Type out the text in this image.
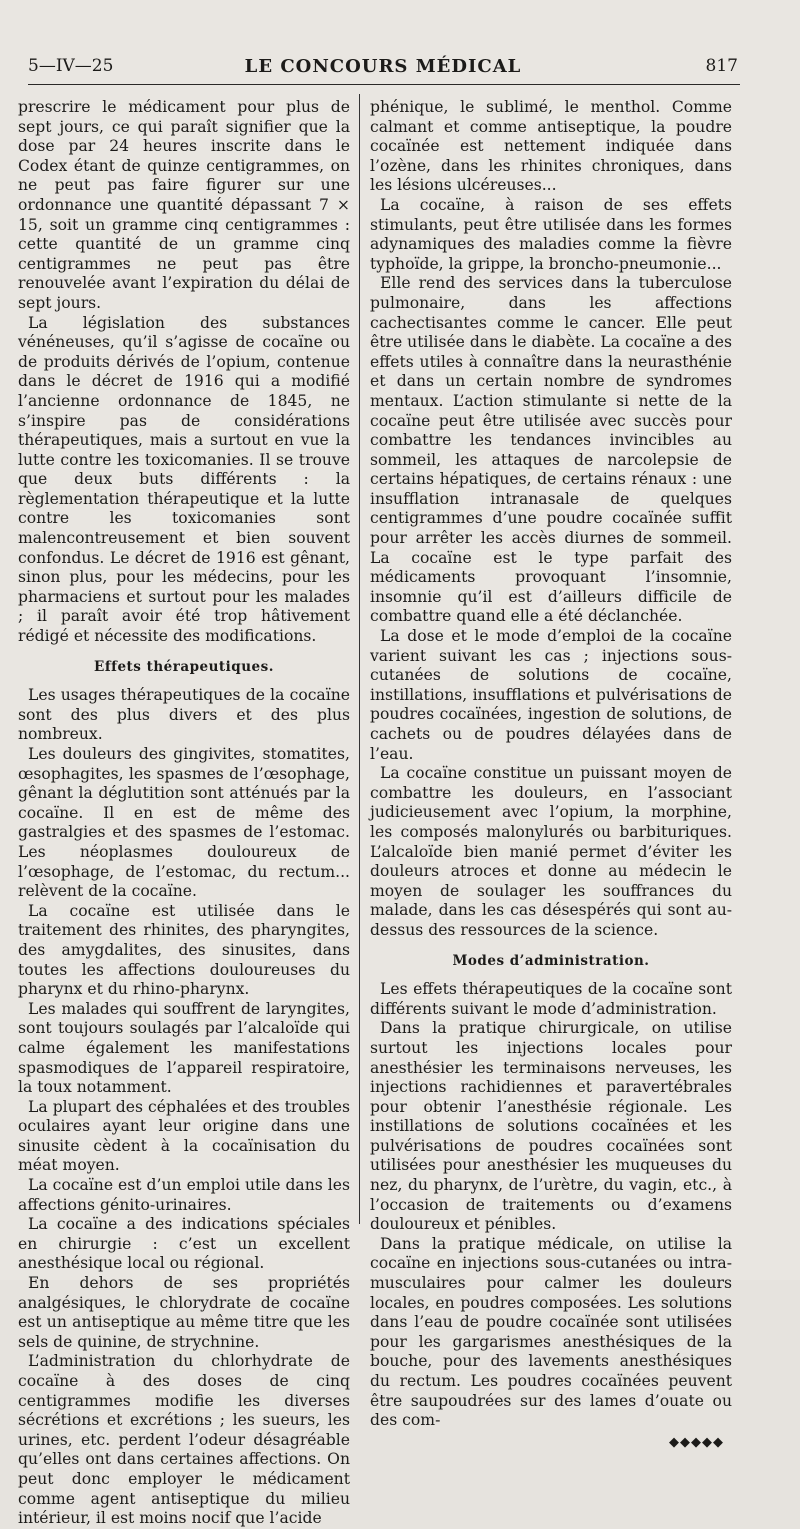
5—IV—25	LE CONCOURS MÉDICAL	817

prescrire le médicament pour plus de sept jours, ce qui paraît signifier que la dose par 24 heures inscrite dans le Codex étant de quinze centigrammes, on ne peut pas faire figurer sur une ordonnance une quantité dépassant 7 × 15, soit un gramme cinq centigrammes : cette quantité de un gramme cinq centigrammes ne peut pas être renouvelée avant l’expiration du délai de sept jours.

La législation des substances vénéneuses, qu’il s’agisse de cocaïne ou de produits dérivés de l’opium, contenue dans le décret de 1916 qui a modifié l’ancienne ordonnance de 1845, ne s’inspire pas de considérations thérapeutiques, mais a surtout en vue la lutte contre les toxicomanies. Il se trouve que deux buts différents : la règlementation thérapeutique et la lutte contre les toxicomanies sont malencontreusement et bien souvent confondus. Le décret de 1916 est gênant, sinon plus, pour les médecins, pour les pharmaciens et surtout pour les malades ; il paraît avoir été trop hâtivement rédigé et nécessite des modifications.

Effets thérapeutiques.

Les usages thérapeutiques de la cocaïne sont des plus divers et des plus nombreux.

Les douleurs des gingivites, stomatites, œsophagites, les spasmes de l’œsophage, gênant la déglutition sont atténués par la cocaïne. Il en est de même des gastralgies et des spasmes de l’estomac. Les néoplasmes douloureux de l’œsophage, de l’estomac, du rectum... relèvent de la cocaïne.

La cocaïne est utilisée dans le traitement des rhinites, des pharyngites, des amygdalites, des sinusites, dans toutes les affections douloureuses du pharynx et du rhino-pharynx.

Les malades qui souffrent de laryngites, sont toujours soulagés par l’alcaloïde qui calme également les manifestations spasmodiques de l’appareil respiratoire, la toux notamment.

La plupart des céphalées et des troubles oculaires ayant leur origine dans une sinusite cèdent à la cocaïnisation du méat moyen.

La cocaïne est d’un emploi utile dans les affections génito-urinaires.

La cocaïne a des indications spéciales en chirurgie : c’est un excellent anesthésique local ou régional.

En dehors de ses propriétés analgésiques, le chlorydrate de cocaïne est un antiseptique au même titre que les sels de quinine, de strychnine.

L’administration du chlorhydrate de cocaïne à des doses de cinq centigrammes modifie les diverses sécrétions et excrétions ; les sueurs, les urines, etc. perdent l’odeur désagréable qu’elles ont dans certaines affections. On peut donc employer le médicament comme agent antiseptique du milieu intérieur, il est moins nocif que l’acide

phénique, le sublimé, le menthol. Comme calmant et comme antiseptique, la poudre cocaïnée est nettement indiquée dans l’ozène, dans les rhinites chroniques, dans les lésions ulcéreuses...

La cocaïne, à raison de ses effets stimulants, peut être utilisée dans les formes adynamiques des maladies comme la fièvre typhoïde, la grippe, la broncho-pneumonie...

Elle rend des services dans la tuberculose pulmonaire, dans les affections cachectisantes comme le cancer. Elle peut être utilisée dans le diabète. La cocaïne a des effets utiles à connaître dans la neurasthénie et dans un certain nombre de syndromes mentaux. L’action stimulante si nette de la cocaïne peut être utilisée avec succès pour combattre les tendances invincibles au sommeil, les attaques de narcolepsie de certains hépatiques, de certains rénaux : une insufflation intranasale de quelques centigrammes d’une poudre cocaïnée suffit pour arrêter les accès diurnes de sommeil. La cocaïne est le type parfait des médicaments provoquant l’insomnie, insomnie qu’il est d’ailleurs difficile de combattre quand elle a été déclanchée.

La dose et le mode d’emploi de la cocaïne varient suivant les cas ; injections sous-cutanées de solutions de cocaïne, instillations, insufflations et pulvérisations de poudres cocaïnées, ingestion de solutions, de cachets ou de poudres délayées dans de l’eau.

La cocaïne constitue un puissant moyen de combattre les douleurs, en l’associant judicieusement avec l’opium, la morphine, les composés malonylurés ou barbituriques. L’alcaloïde bien manié permet d’éviter les douleurs atroces et donne au médecin le moyen de soulager les souffrances du malade, dans les cas désespérés qui sont au-dessus des ressources de la science.

Modes d’administration.

Les effets thérapeutiques de la cocaïne sont différents suivant le mode d’administration.

Dans la pratique chirurgicale, on utilise surtout les injections locales pour anesthésier les terminaisons nerveuses, les injections rachidiennes et paravertébrales pour obtenir l’anesthésie régionale. Les instillations de solutions cocaïnées et les pulvérisations de poudres cocaïnées sont utilisées pour anesthésier les muqueuses du nez, du pharynx, de l’urètre, du vagin, etc., à l’occasion de traitements ou d’examens douloureux et pénibles.

Dans la pratique médicale, on utilise la cocaïne en injections sous-cutanées ou intra-musculaires pour calmer les douleurs locales, en poudres composées. Les solutions dans l’eau de poudre cocaïnée sont utilisées pour les gargarismes anesthésiques de la bouche, pour des lavements anesthésiques du rectum. Les poudres cocaïnées peuvent être saupoudrées sur des lames d’ouate ou des com-

◆◆◆◆◆
